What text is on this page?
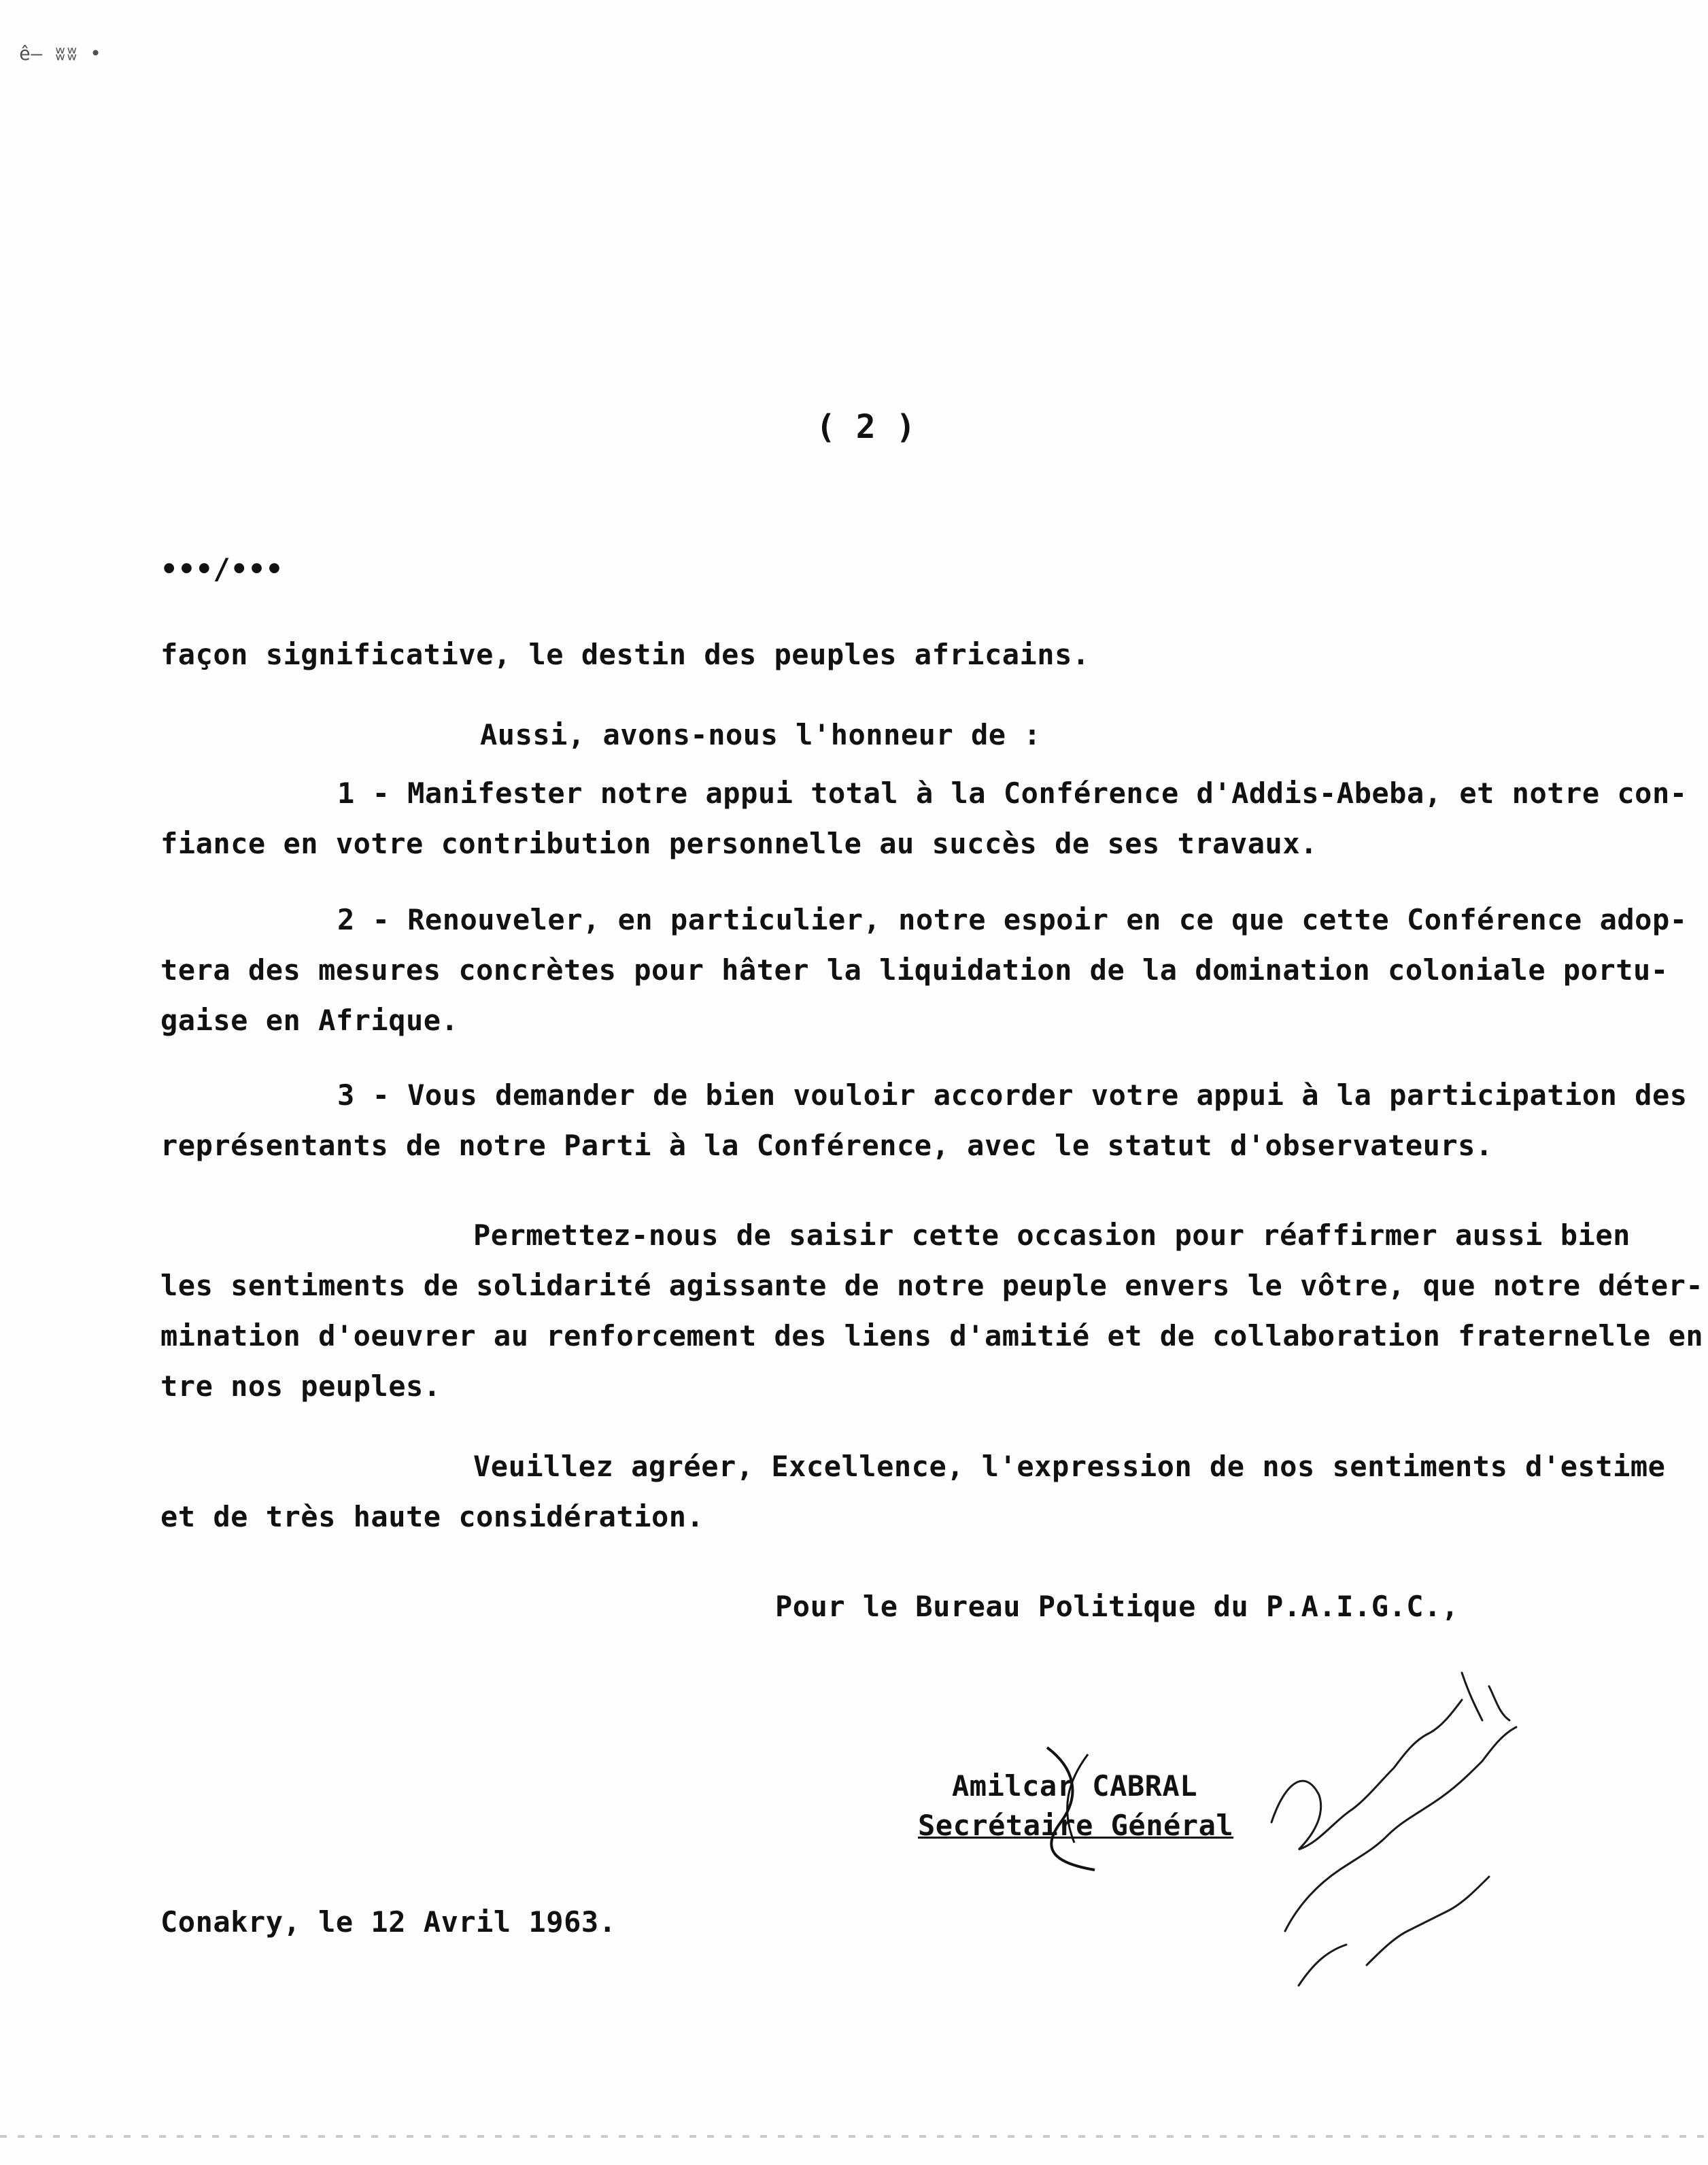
ê— ʬʬ •
( 2 )
•••/•••
façon significative, le destin des peuples africains.
Aussi, avons-nous l'honneur de :
1 - Manifester notre appui total à la Conférence d'Addis-Abeba, et notre con-
fiance en votre contribution personnelle au succès de ses travaux.
2 - Renouveler, en particulier, notre espoir en ce que cette Conférence adop-
tera des mesures concrètes pour hâter la liquidation de la domination coloniale portu-
gaise en Afrique.
3 - Vous demander de bien vouloir accorder votre appui à la participation des
représentants de notre Parti à la Conférence, avec le statut d'observateurs.
Permettez-nous de saisir cette occasion pour réaffirmer aussi bien
les sentiments de solidarité agissante de notre peuple envers le vôtre, que notre déter-
mination d'oeuvrer au renforcement des liens d'amitié et de collaboration fraternelle en
tre nos peuples.
Veuillez agréer, Excellence, l'expression de nos sentiments d'estime
et de très haute considération.
Pour le Bureau Politique du P.A.I.G.C.,
Amilcar CABRAL
Secrétaire Général
Reçu le ... 15.4.963
Conakry, le 12 Avril 1963.
